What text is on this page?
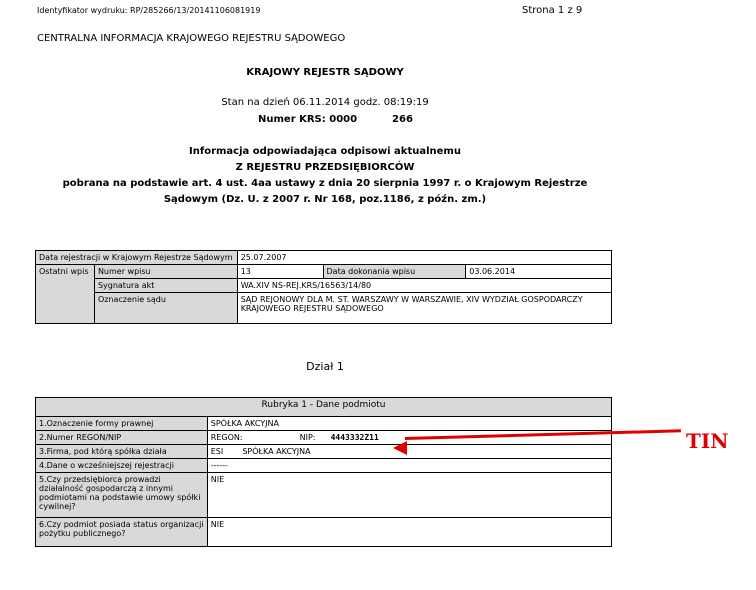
Identyfikator wydruku: RP/285266/13/20141106081919	Strona 1 z 9
CENTRALNA INFORMACJA KRAJOWEGO REJESTRU SĄDOWEGO
KRAJOWY REJESTR SĄDOWY
Stan na dzień 06.11.2014 godz. 08:19:19
Numer KRS: 0000	266
Informacja odpowiadająca odpisowi aktualnemu
Z REJESTRU PRZEDSIĘBIORCÓW
pobrana na podstawie art. 4 ust. 4aa ustawy z dnia 20 sierpnia 1997 r. o Krajowym Rejestrze
Sądowym (Dz. U. z 2007 r. Nr 168, poz.1186, z późn. zm.)
Data rejestracji w Krajowym Rejestrze Sądowym		25.07.2007		
Ostatni wpis	Numer wpisu	13	Data dokonania wpisu	03.06.2014
	Sygnatura akt	WA.XIV NS-REJ.KRS/16563/14/80		
	Oznaczenie sądu	SĄD REJONOWY DLA M. ST. WARSZAWY W WARSZAWIE, XIV WYDZIAŁ GOSPODARCZY KRAJOWEGO REJESTRU SĄDOWEGO		
Dział 1
Rubryka 1 - Dane podmiotu	
1.Oznaczenie formy prawnej	SPÓŁKA AKCYJNA
2.Numer REGON/NIP	REGON: NIP: 4443332Z11
3.Firma, pod którą spółka działa	ESI SPÓŁKA AKCYJNA
4.Dane o wcześniejszej rejestracji	------
5.Czy przedsiębiorca prowadzi działalność gospodarczą z innymi podmiotami na podstawie umowy spółki cywilnej?	NIE
6.Czy podmiot posiada status organizacji pożytku publicznego?	NIE
TIN
